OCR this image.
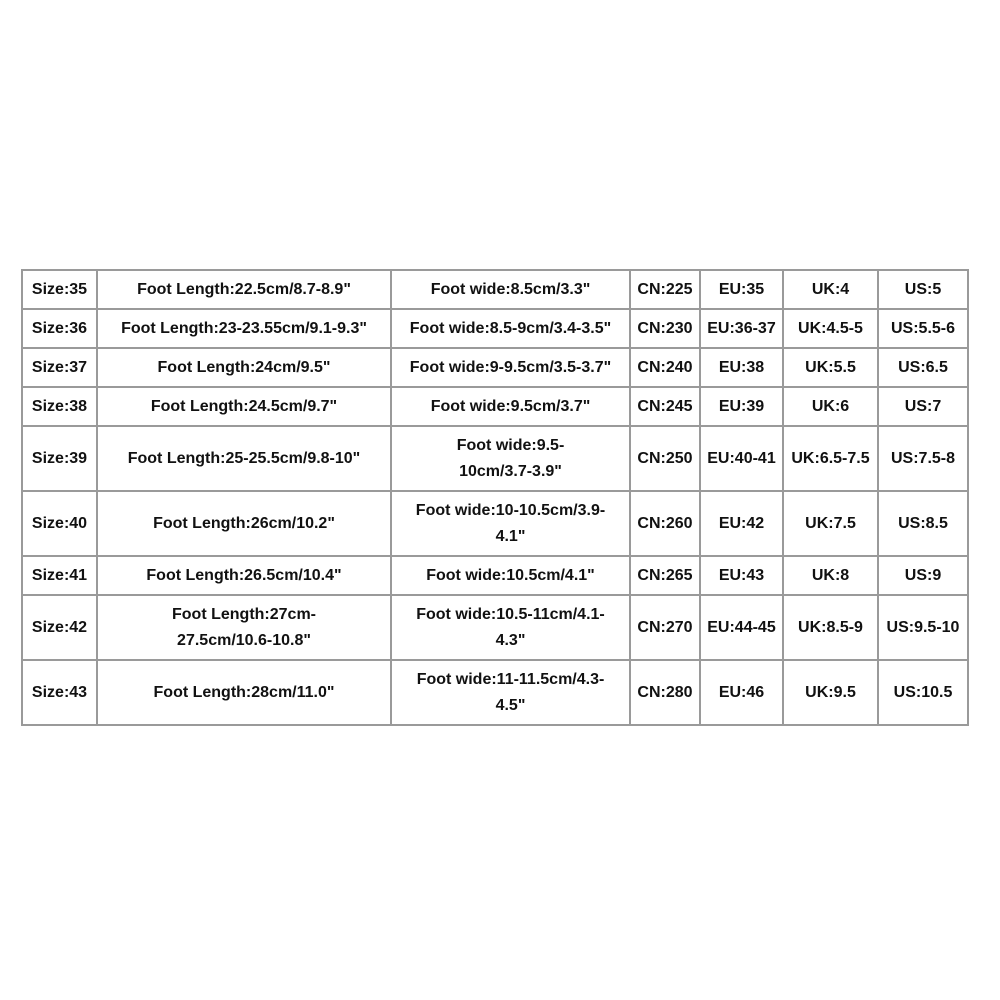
Size:35	Foot Length:22.5cm/8.7-8.9"	Foot wide:8.5cm/3.3"	CN:225	EU:35	UK:4	US:5
Size:36	Foot Length:23-23.55cm/9.1-9.3"	Foot wide:8.5-9cm/3.4-3.5"	CN:230	EU:36-37	UK:4.5-5	US:5.5-6
Size:37	Foot Length:24cm/9.5"	Foot wide:9-9.5cm/3.5-3.7"	CN:240	EU:38	UK:5.5	US:6.5
Size:38	Foot Length:24.5cm/9.7"	Foot wide:9.5cm/3.7"	CN:245	EU:39	UK:6	US:7
Size:39	Foot Length:25-25.5cm/9.8-10"	Foot wide:9.5-10cm/3.7-3.9"	CN:250	EU:40-41	UK:6.5-7.5	US:7.5-8
Size:40	Foot Length:26cm/10.2"	Foot wide:10-10.5cm/3.9-4.1"	CN:260	EU:42	UK:7.5	US:8.5
Size:41	Foot Length:26.5cm/10.4"	Foot wide:10.5cm/4.1"	CN:265	EU:43	UK:8	US:9
Size:42	Foot Length:27cm-27.5cm/10.6-10.8"	Foot wide:10.5-11cm/4.1-4.3"	CN:270	EU:44-45	UK:8.5-9	US:9.5-10
Size:43	Foot Length:28cm/11.0"	Foot wide:11-11.5cm/4.3-4.5"	CN:280	EU:46	UK:9.5	US:10.5
